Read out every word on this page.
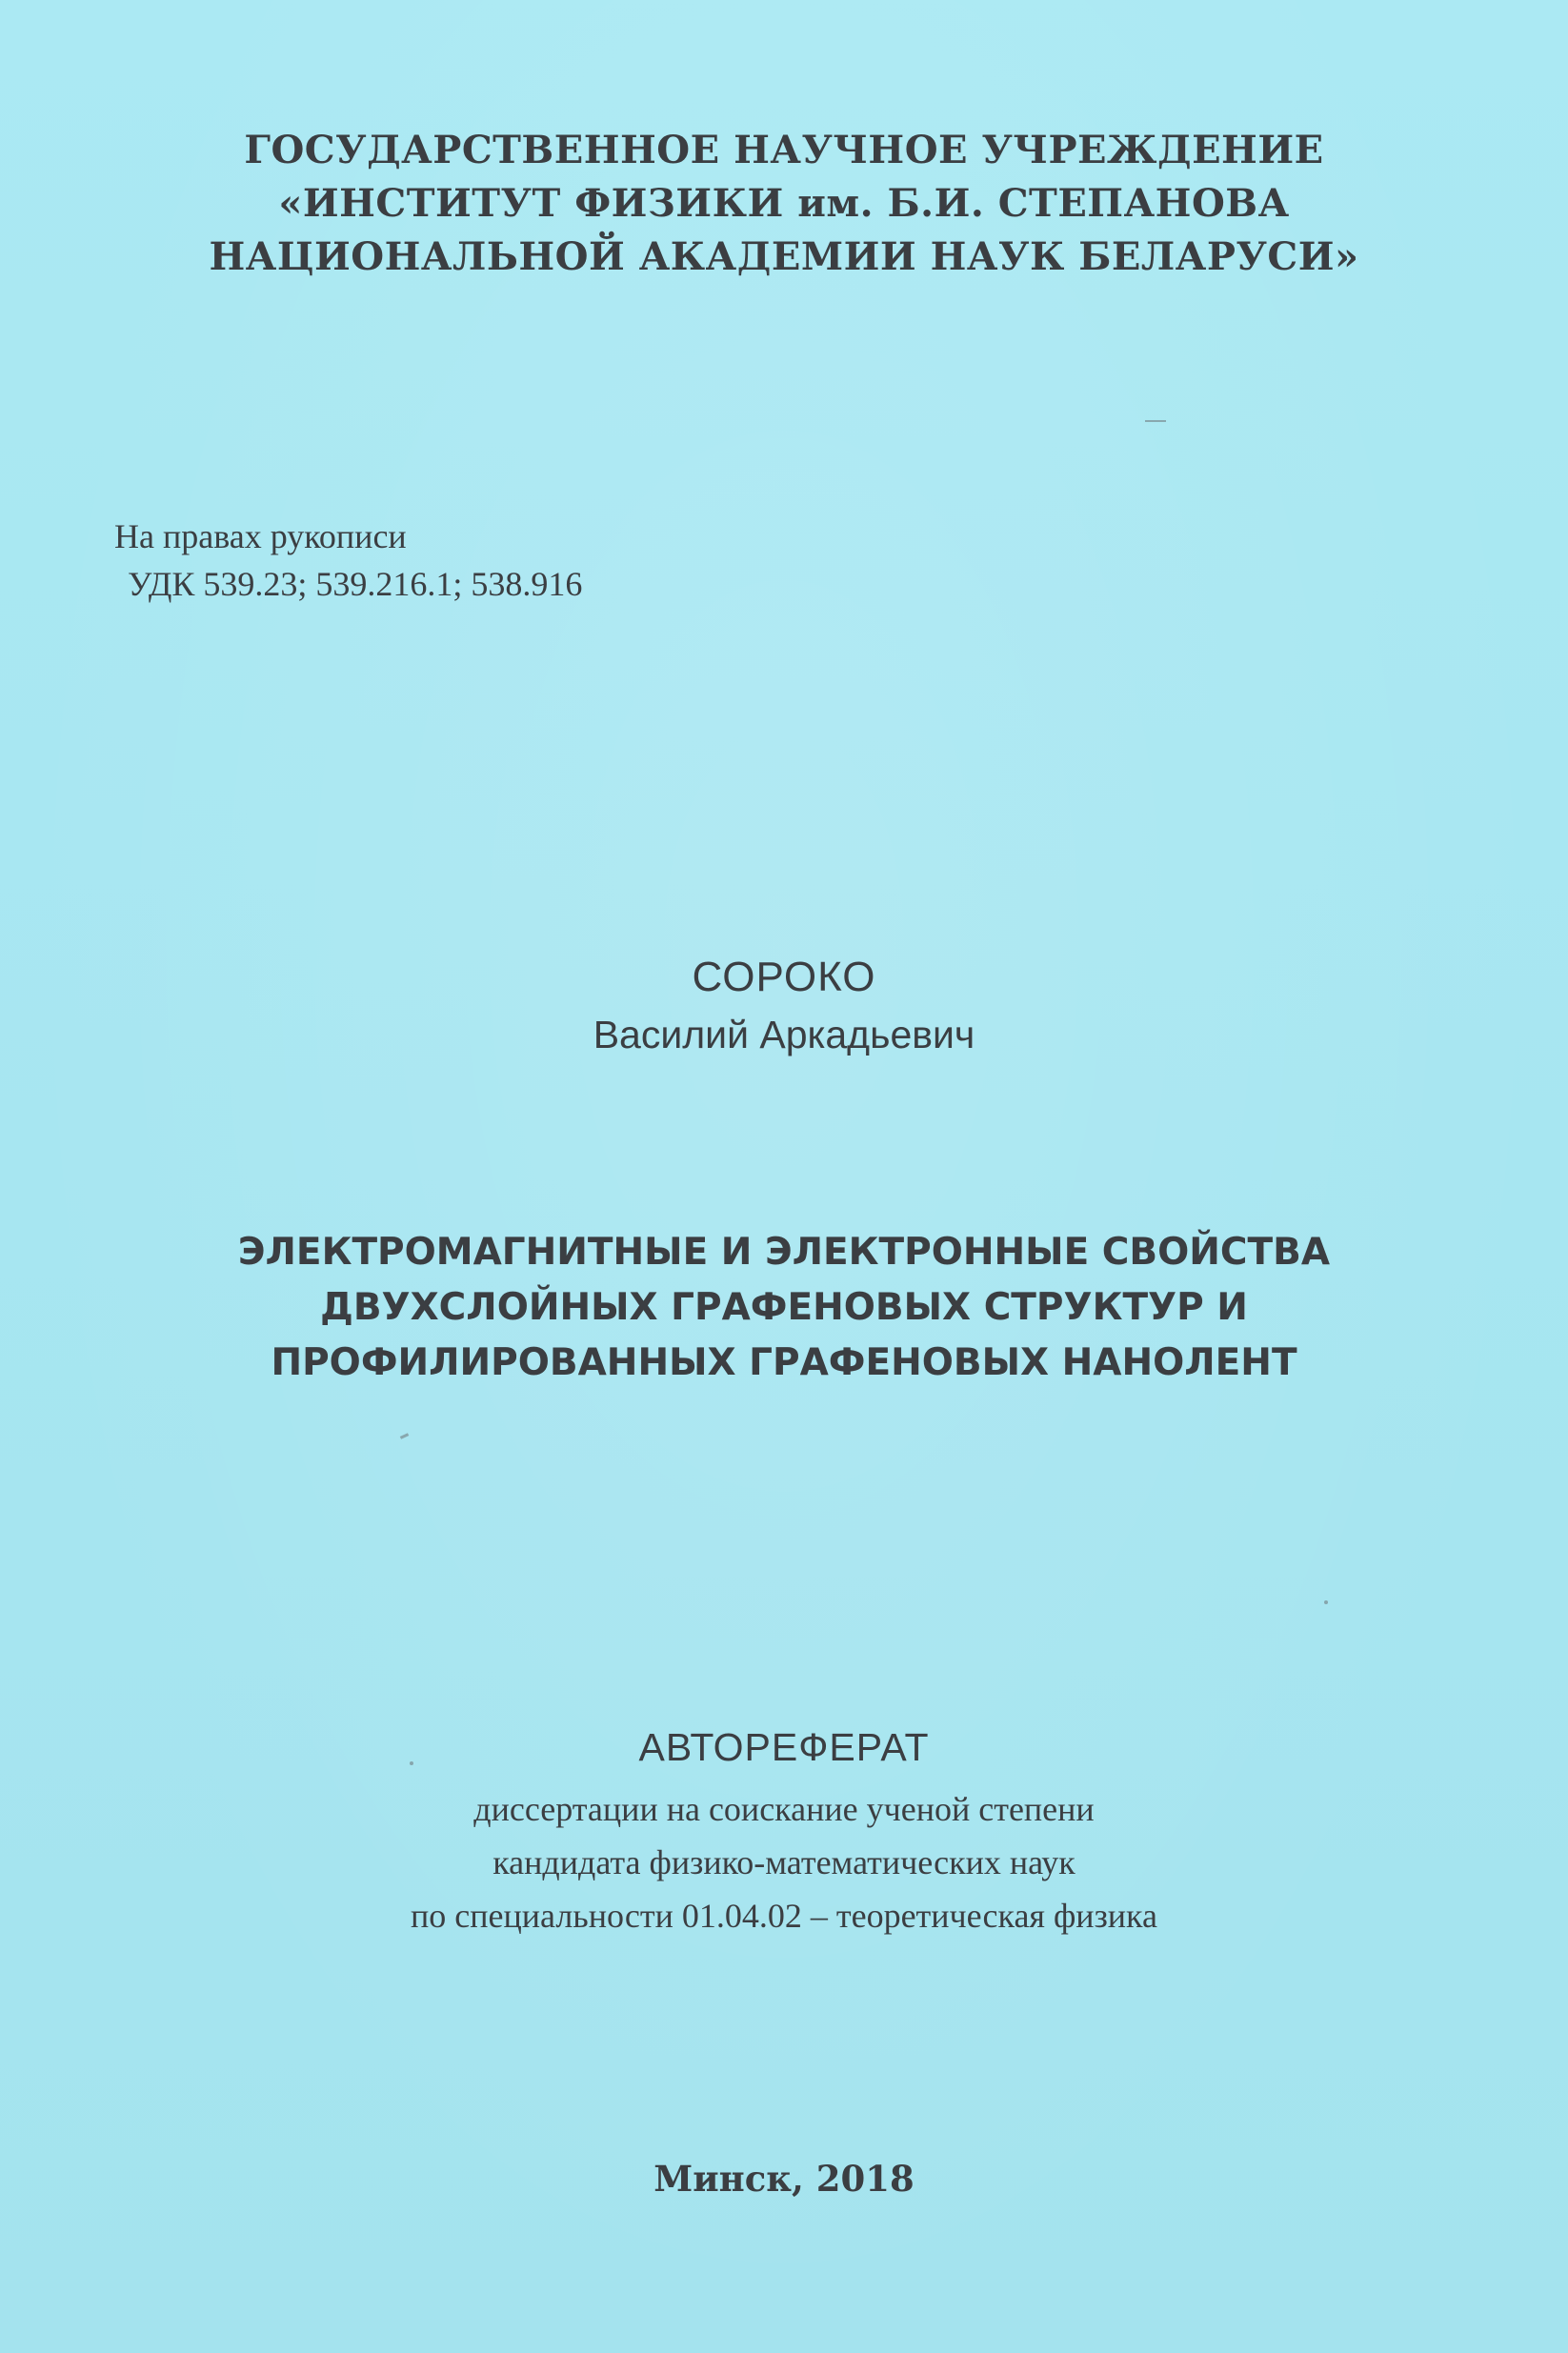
ГОСУДАРСТВЕННОЕ НАУЧНОЕ УЧРЕЖДЕНИЕ
«ИНСТИТУТ ФИЗИКИ им. Б.И. СТЕПАНОВА
НАЦИОНАЛЬНОЙ АКАДЕМИИ НАУК БЕЛАРУСИ»
На правах рукописи
УДК 539.23; 539.216.1; 538.916
СОРОКО
Василий Аркадьевич
ЭЛЕКТРОМАГНИТНЫЕ И ЭЛЕКТРОННЫЕ СВОЙСТВА
ДВУХСЛОЙНЫХ ГРАФЕНОВЫХ СТРУКТУР И
ПРОФИЛИРОВАННЫХ ГРАФЕНОВЫХ НАНОЛЕНТ
АВТОРЕФЕРАТ
диссертации на соискание ученой степени
кандидата физико-математических наук
по специальности 01.04.02 – теоретическая физика
Минск, 2018
